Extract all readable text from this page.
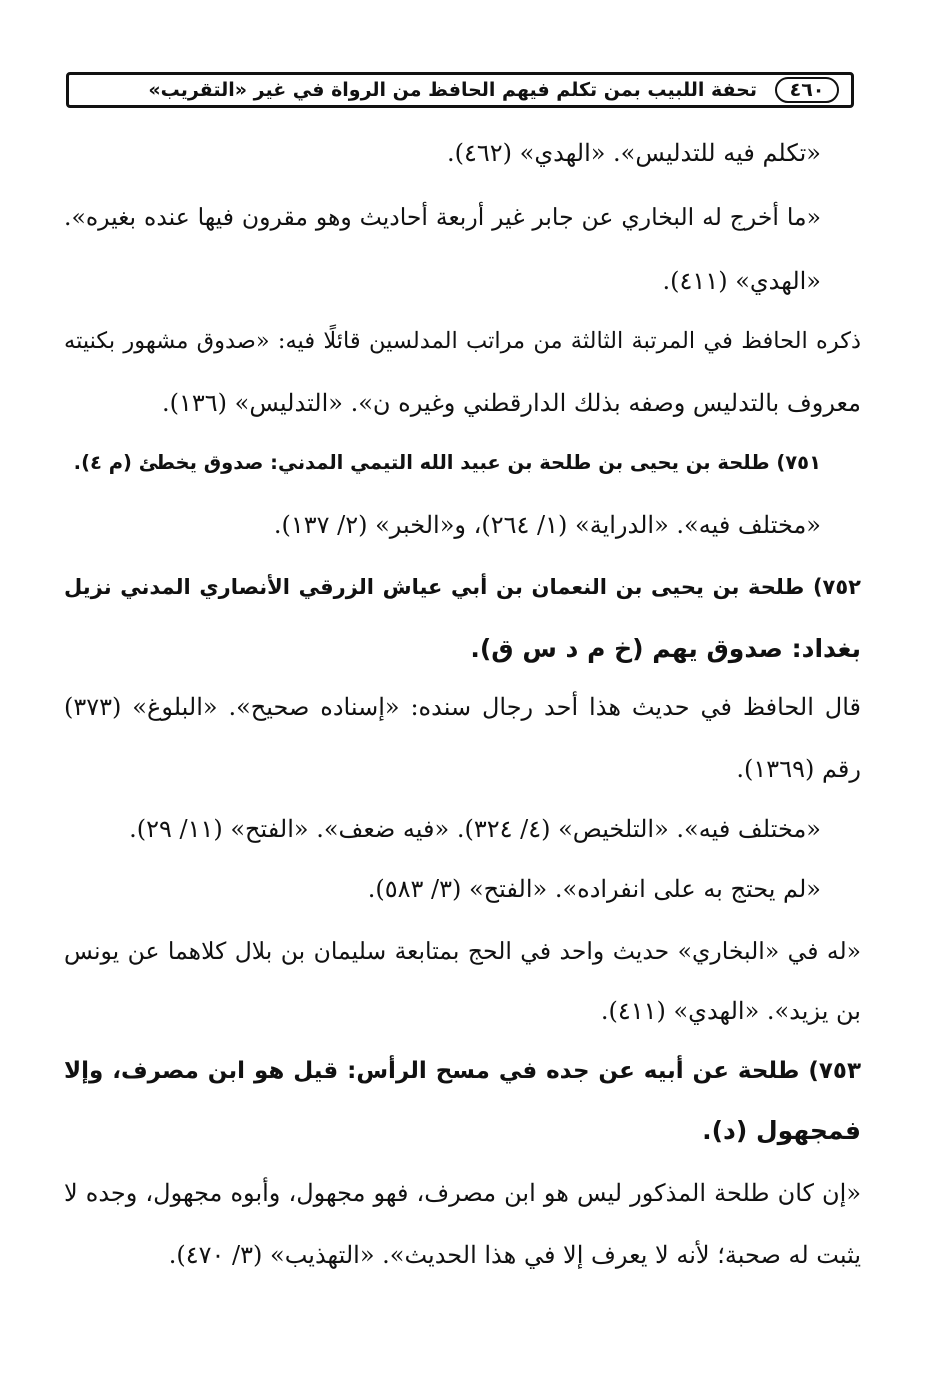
٤٦٠
تحفة اللبيب بمن تكلم فيهم الحافظ من الرواة في غير «التقريب»
«تكلم فيه للتدليس». «الهدي» (٤٦٢).
«ما أخرج له البخاري عن جابر غير أربعة أحاديث وهو مقرون فيها عنده بغيره».
«الهدي» (٤١١).
ذكره الحافظ في المرتبة الثالثة من مراتب المدلسين قائلًا فيه: «صدوق مشهور بكنيته
معروف بالتدليس وصفه بذلك الدارقطني وغيره ن». «التدليس» (١٣٦).
٧٥١) طلحة بن يحيى بن طلحة بن عبيد الله التيمي المدني: صدوق يخطئ (م ٤).
«مختلف فيه». «الدراية» (١/ ٢٦٤)، و«الخبر» (٢/ ١٣٧).
٧٥٢) طلحة بن يحيى بن النعمان بن أبي عياش الزرقي الأنصاري المدني نزيل
بغداد: صدوق يهم (خ م د س ق).
قال الحافظ في حديث هذا أحد رجال سنده: «إسناده صحيح». «البلوغ» (٣٧٣)
رقم (١٣٦٩).
«مختلف فيه». «التلخيص» (٤/ ٣٢٤). «فيه ضعف». «الفتح» (١١/ ٢٩).
«لم يحتج به على انفراده». «الفتح» (٣/ ٥٨٣).
«له في «البخاري» حديث واحد في الحج بمتابعة سليمان بن بلال كلاهما عن يونس
بن يزيد». «الهدي» (٤١١).
٧٥٣) طلحة عن أبيه عن جده في مسح الرأس: قيل هو ابن مصرف، وإلا
فمجهول (د).
«إن كان طلحة المذكور ليس هو ابن مصرف، فهو مجهول، وأبوه مجهول، وجده لا
يثبت له صحبة؛ لأنه لا يعرف إلا في هذا الحديث». «التهذيب» (٣/ ٤٧٠).
